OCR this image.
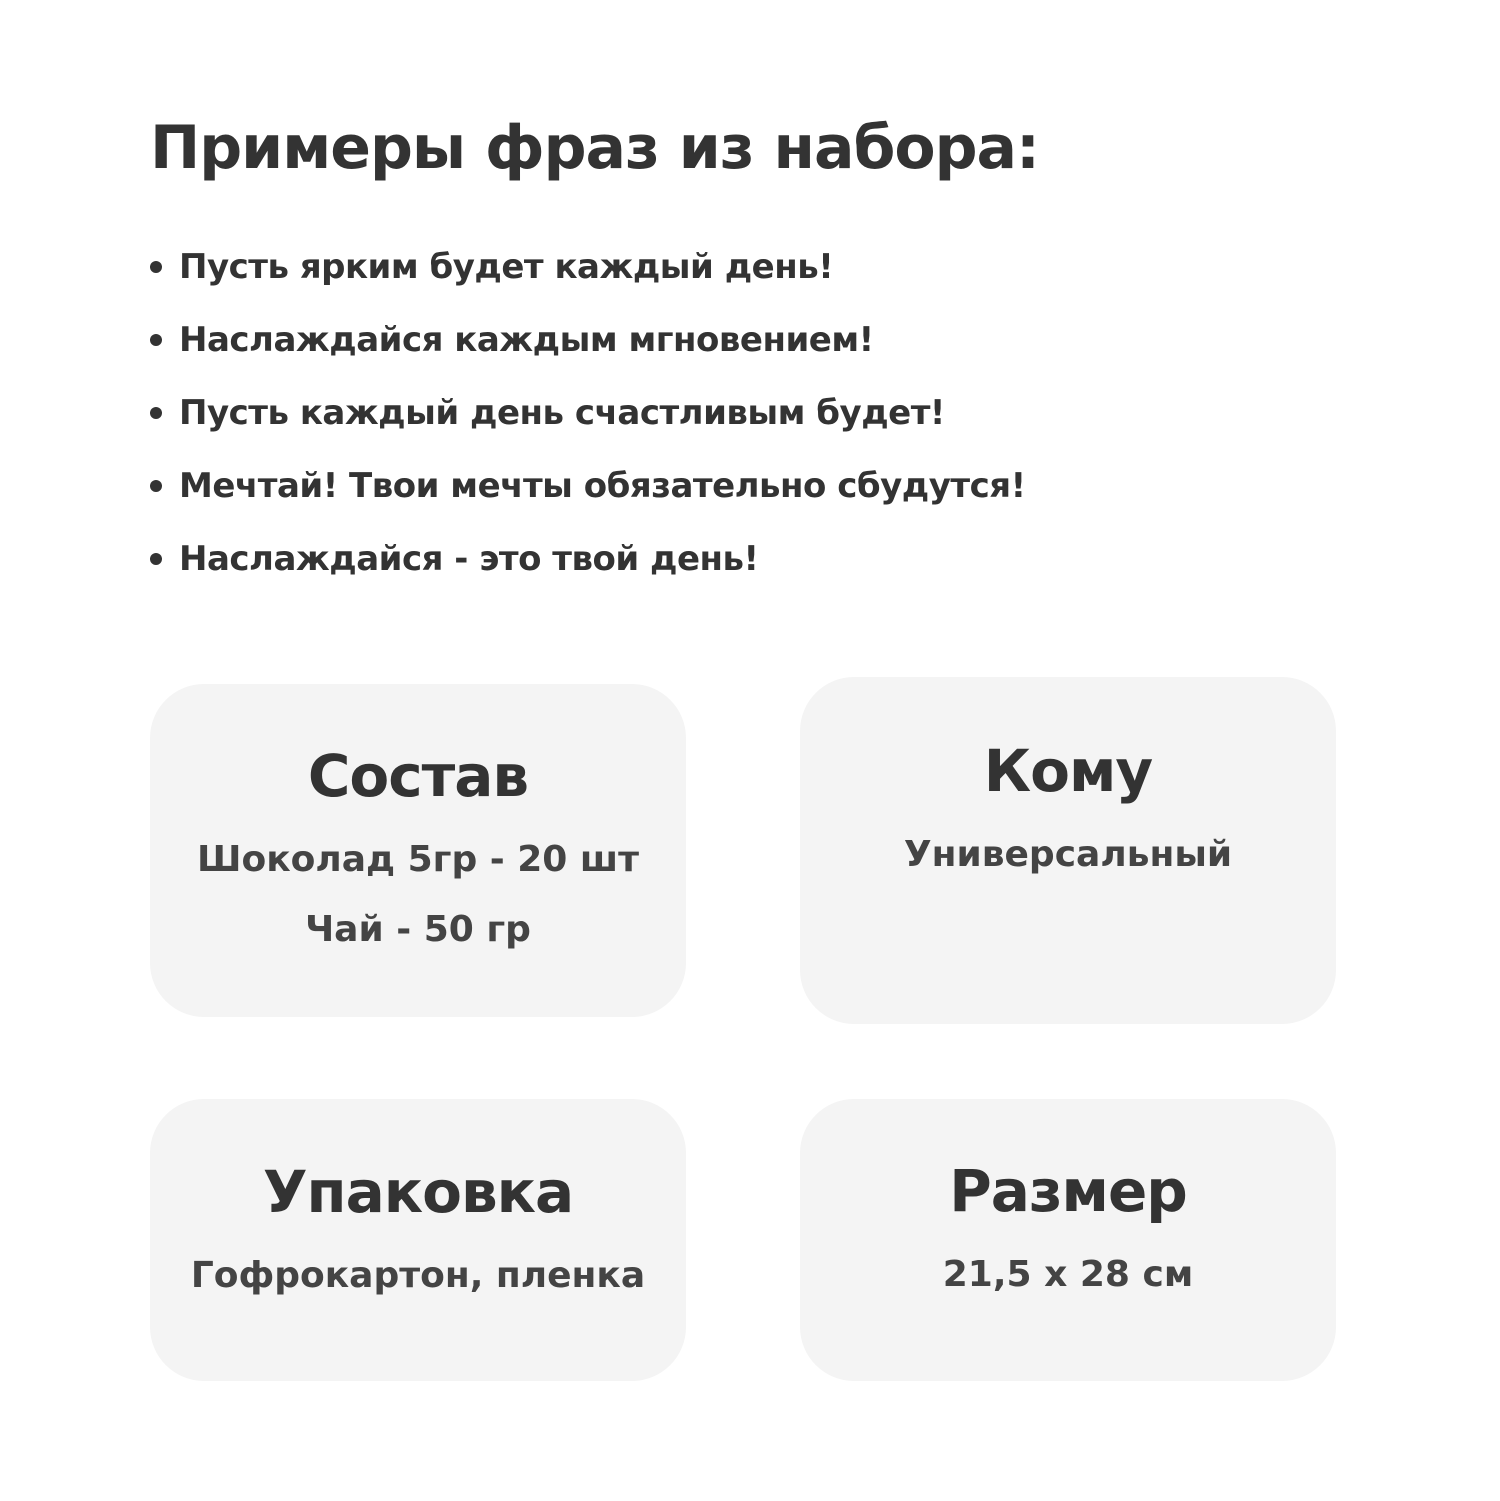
Примеры фраз из набора:
Пусть ярким будет каждый день!
Наслаждайся каждым мгновением!
Пусть каждый день счастливым будет!
Мечтай! Твои мечты обязательно сбудутся!
Наслаждайся - это твой день!
Состав
Шоколад 5гр - 20 шт
Чай - 50 гр
Кому
Универсальный
Упаковка
Гофрокартон, пленка
Размер
21,5 x 28 см
